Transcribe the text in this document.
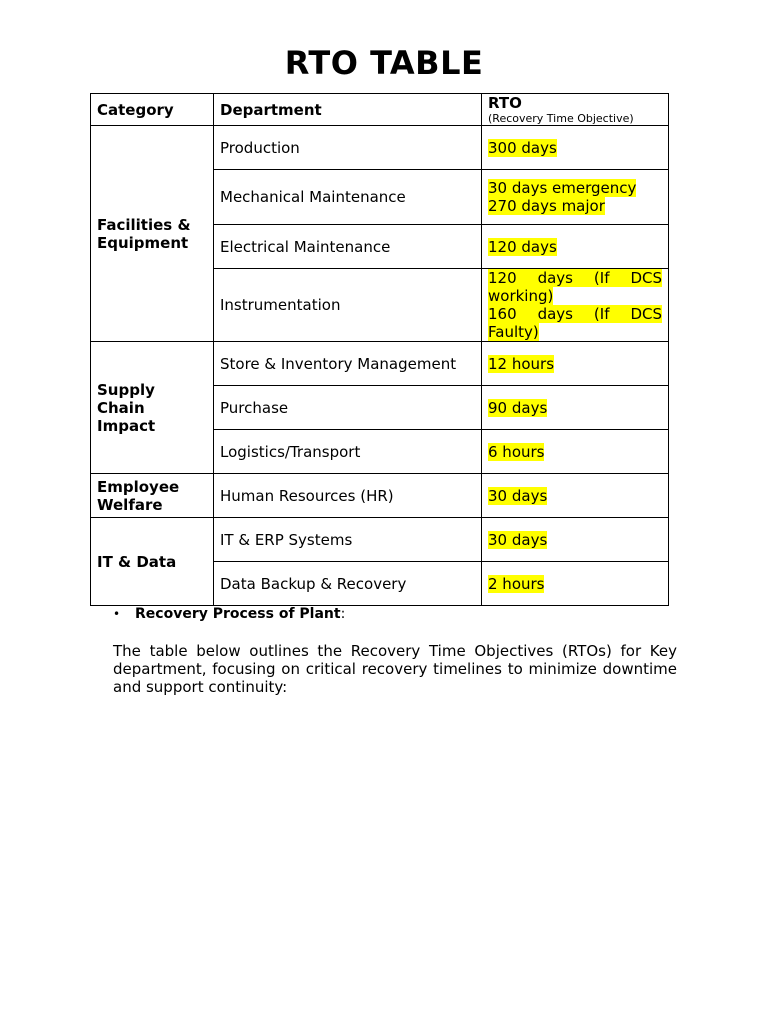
RTO TABLE
Category	Department	RTO
(Recovery Time Objective)

Facilities & Equipment	Production	300 days
	Mechanical Maintenance	30 days emergency
270 days major
	Electrical Maintenance	120 days
	Instrumentation	120 days (If DCS working)
160 days (If DCS Faulty)

Supply Chain Impact	Store & Inventory Management	12 hours
	Purchase	90 days
	Logistics/Transport	6 hours
Employee Welfare	Human Resources (HR)	30 days
IT & Data	IT & ERP Systems	30 days
	Data Backup & Recovery	2 hours
• Recovery Process of Plant:
The table below outlines the Recovery Time Objectives (RTOs) for Key department, focusing on critical recovery timelines to minimize downtime and support continuity:
